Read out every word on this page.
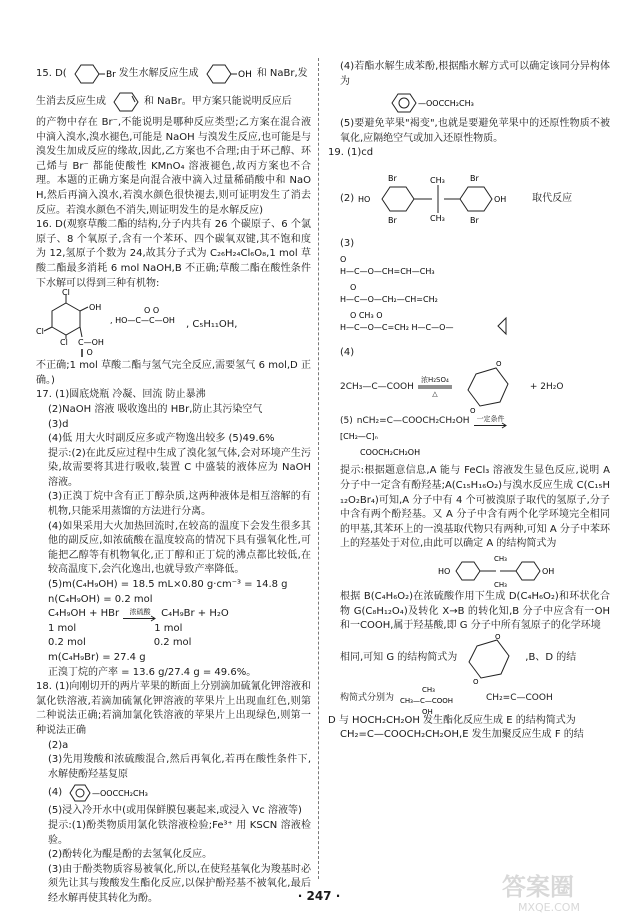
15. D(	Br 发生水解反应生成	OH 和 NaBr,发
生消去反应生成	和 NaBr。甲方案只能说明反应后

的产物中存在 Br⁻,不能说明是哪种反应类型;乙方案在混合液中滴入溴水,溴水褪色,可能是 NaOH 与溴发生反应,也可能是与溴发生加成反应的缘故,因此,乙方案也不合理;由于环己醇、环己烯与 Br⁻ 都能使酸性 KMnO₄ 溶液褪色,故丙方案也不合理。本题的正确方案是向混合液中滴入过量稀硝酸中和 NaOH,然后再滴入溴水,若溴水颜色很快褪去,则可证明发生了消去反应。若溴水颜色不消失,则证明发生的是水解反应)

16. D(观察草酸二酯的结构,分子内共有 26 个碳原子、6 个氯原子、8 个氧原子,含有一个苯环、四个碳氧双键,其不饱和度为 12,氢原子个数为 24,故其分子式为 C₂₆H₂₄Cl₆O₈,1 mol 草酸二酯最多消耗 6 mol NaOH,B 不正确;草酸二酯在酸性条件下水解可以得到三种有机物:

Cl
OH
Cl
Cl C—OH
‖ O
, HO—C—C—OH
O O
, C₅H₁₁OH,

不正确;1 mol 草酸二酯与氢气完全反应,需要氢气 6 mol,D 正确。)

17. (1)圆底烧瓶 冷凝、回流 防止暴沸

(2)NaOH 溶液 吸收逸出的 HBr,防止其污染空气

(3)d

(4)低 用大火时副反应多或产物逸出较多 (5)49.6%

提示:(2)在此反应过程中生成了溴化氢气体,会对环境产生污染,故需要将其进行吸收,装置 C 中盛装的液体应为 NaOH 溶液。

(3)正溴丁烷中含有正丁醇杂质,这两种液体是相互溶解的有机物,只能采用蒸馏的方法进行分离。

(4)如果采用大火加热回流时,在较高的温度下会发生很多其他的副反应,如浓硫酸在温度较高的情况下具有强氧化性,可能把乙醇等有机物氧化,正丁醇和正丁烷的沸点都比较低,在较高温度下,会汽化逸出,也就导致产率降低。

(5)m(C₄H₉OH) = 18.5 mL×0.80 g·cm⁻³ = 14.8 g

n(C₄H₉OH) = 0.2 mol

C₄H₉OH + HBr 浓硫酸 C₄H₉Br + H₂O
1 mol	1 mol
0.2 mol	0.2 mol

m(C₄H₉Br) = 27.4 g

正溴丁烷的产率 = 13.6 g/27.4 g = 49.6%。

18. (1)向刚切开的两片苹果的断面上分别滴加硫氰化钾溶液和氯化铁溶液,若滴加硫氰化钾溶液的苹果片上出现血红色,则第二种说法正确;若滴加氯化铁溶液的苹果片上出现绿色,则第一种说法正确

(2)a

(3)先用羧酸和浓硫酸混合,然后再氧化,若再在酸性条件下,水解使酚羟基复原

(4)	—OOCCH₂CH₃

(5)浸入冷开水中(或用保鲜膜包裹起来,或浸入 Vc 溶液等)

提示:(1)酚类物质用氯化铁溶液检验;Fe³⁺ 用 KSCN 溶液检验。

(2)酚转化为醌是酚的去氢氧化反应。

(3)由于酚类物质容易被氧化,所以,在使羟基氧化为羧基时必须先让其与羧酸发生酯化反应,以保护酚羟基不被氧化,最后经水解再使其转化为酚。

(4)若酯水解生成苯酚,根据酯水解方式可以确定该同分异构体为

—OOCCH₂CH₃

(5)要避免苹果"褐变",也就是要避免苹果中的还原性物质不被氧化,应隔绝空气或加入还原性物质。

19. (1)cd

(2) HO
Br
Br
CH₃
CH₃
Br
Br
OH	取代反应
(3)
O
H—C—O—CH=CH—CH₃
O
H—C—O—CH₂—CH=CH₂
O CH₃ O
H—C—O—C=CH₂ H—C—O—
(4)
2CH₃—C—COOH
浓H₂SO₄
△
O
O
+ 2H₂O
(5) nCH₂=C—COOCH₂CH₂OH 一定条件
[CH₂—C]ₙ
COOCH₂CH₂OH

提示:根据题意信息,A 能与 FeCl₃ 溶液发生显色反应,说明 A 分子中一定含有酚羟基;A(C₁₅H₁₆O₂)与溴水反应生成 C(C₁₅H₁₂O₂Br₄)可知,A 分子中有 4 个可被溴原子取代的氢原子,分子中含有两个酚羟基。又 A 分子中含有两个化学环境完全相同的甲基,其苯环上的一溴基取代物只有两种,可知 A 分子中苯环上的羟基处于对位,由此可以确定 A 的结构简式为

HO
CH₃
CH₃
OH

根据 B(C₄H₆O₂)在浓硫酸作用下生成 D(C₄H₆O₂)和环状化合物 G(C₈H₁₂O₄)及转化 X→B 的转化知,B 分子中应含有一OH 和一COOH,属于羟基酸,即 G 分子中所有氢原子的化学环境

相同,可知 G 的结构简式为
O
O
,B、D 的结
构简式分别为
CH₃
CH₃—C—COOH
OH
CH₂=C—COOH

D 与 HOCH₂CH₂OH 发生酯化反应生成 E 的结构简式为

CH₂=C—COOCH₂CH₂OH,E 发生加聚反应生成 F 的结

· 247 ·	答案圈
MXQE.COM
